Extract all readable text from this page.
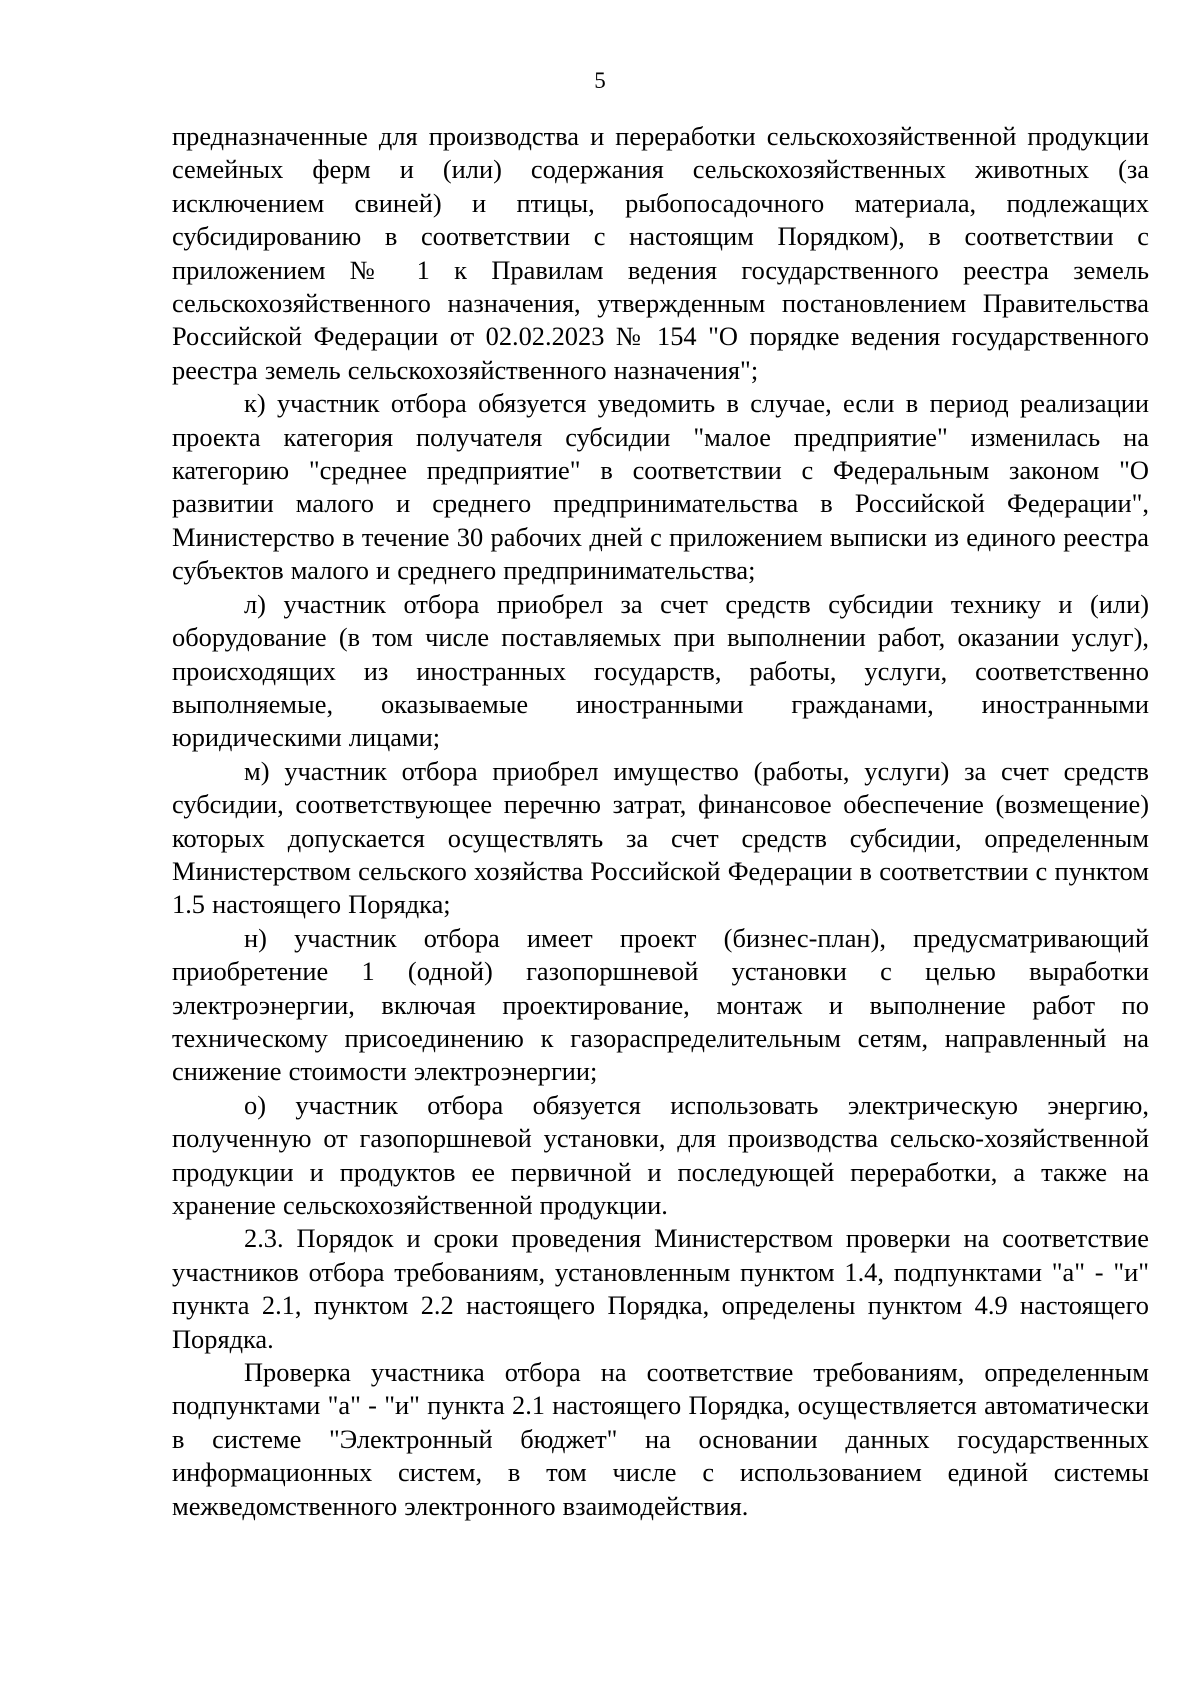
5

предназначенные для производства и переработки сельскохозяйственной продукции семейных ферм и (или) содержания сельскохозяйственных животных (за исключением свиней) и птицы, рыбопосадочного материала, подлежащих субсидированию в соответствии с настоящим Порядком), в соответствии с приложением № 1 к Правилам ведения государственного реестра земель сельскохозяйственного назначения, утвержденным постановлением Правительства Российской Федерации от 02.02.2023 № 154 "О порядке ведения государственного реестра земель сельскохозяйственного назначения";

к) участник отбора обязуется уведомить в случае, если в период реализации проекта категория получателя субсидии "малое предприятие" изменилась на категорию "среднее предприятие" в соответствии с Федеральным законом "О развитии малого и среднего предпринимательства в Российской Федерации", Министерство в течение 30 рабочих дней с приложением выписки из единого реестра субъектов малого и среднего предпринимательства;

л) участник отбора приобрел за счет средств субсидии технику и (или) оборудование (в том числе поставляемых при выполнении работ, оказании услуг), происходящих из иностранных государств, работы, услуги, соответственно выполняемые, оказываемые иностранными гражданами, иностранными юридическими лицами;

м) участник отбора приобрел имущество (работы, услуги) за счет средств субсидии, соответствующее перечню затрат, финансовое обеспечение (возмещение) которых допускается осуществлять за счет средств субсидии, определенным Министерством сельского хозяйства Российской Федерации в соответствии с пунктом 1.5 настоящего Порядка;

н) участник отбора имеет проект (бизнес-план), предусматривающий приобретение 1 (одной) газопоршневой установки с целью выработки электроэнергии, включая проектирование, монтаж и выполнение работ по техническому присоединению к газораспределительным сетям, направленный на снижение стоимости электроэнергии;

о) участник отбора обязуется использовать электрическую энергию, полученную от газопоршневой установки, для производства сельско-хозяйственной продукции и продуктов ее первичной и последующей переработки, а также на хранение сельскохозяйственной продукции.

2.3. Порядок и сроки проведения Министерством проверки на соответствие участников отбора требованиям, установленным пунктом 1.4, подпунктами "а" - "и" пункта 2.1, пунктом 2.2 настоящего Порядка, определены пунктом 4.9 настоящего Порядка.

Проверка участника отбора на соответствие требованиям, определенным подпунктами "а" - "и" пункта 2.1 настоящего Порядка, осуществляется автоматически в системе "Электронный бюджет" на основании данных государственных информационных систем, в том числе с использованием единой системы межведомственного электронного взаимодействия.
